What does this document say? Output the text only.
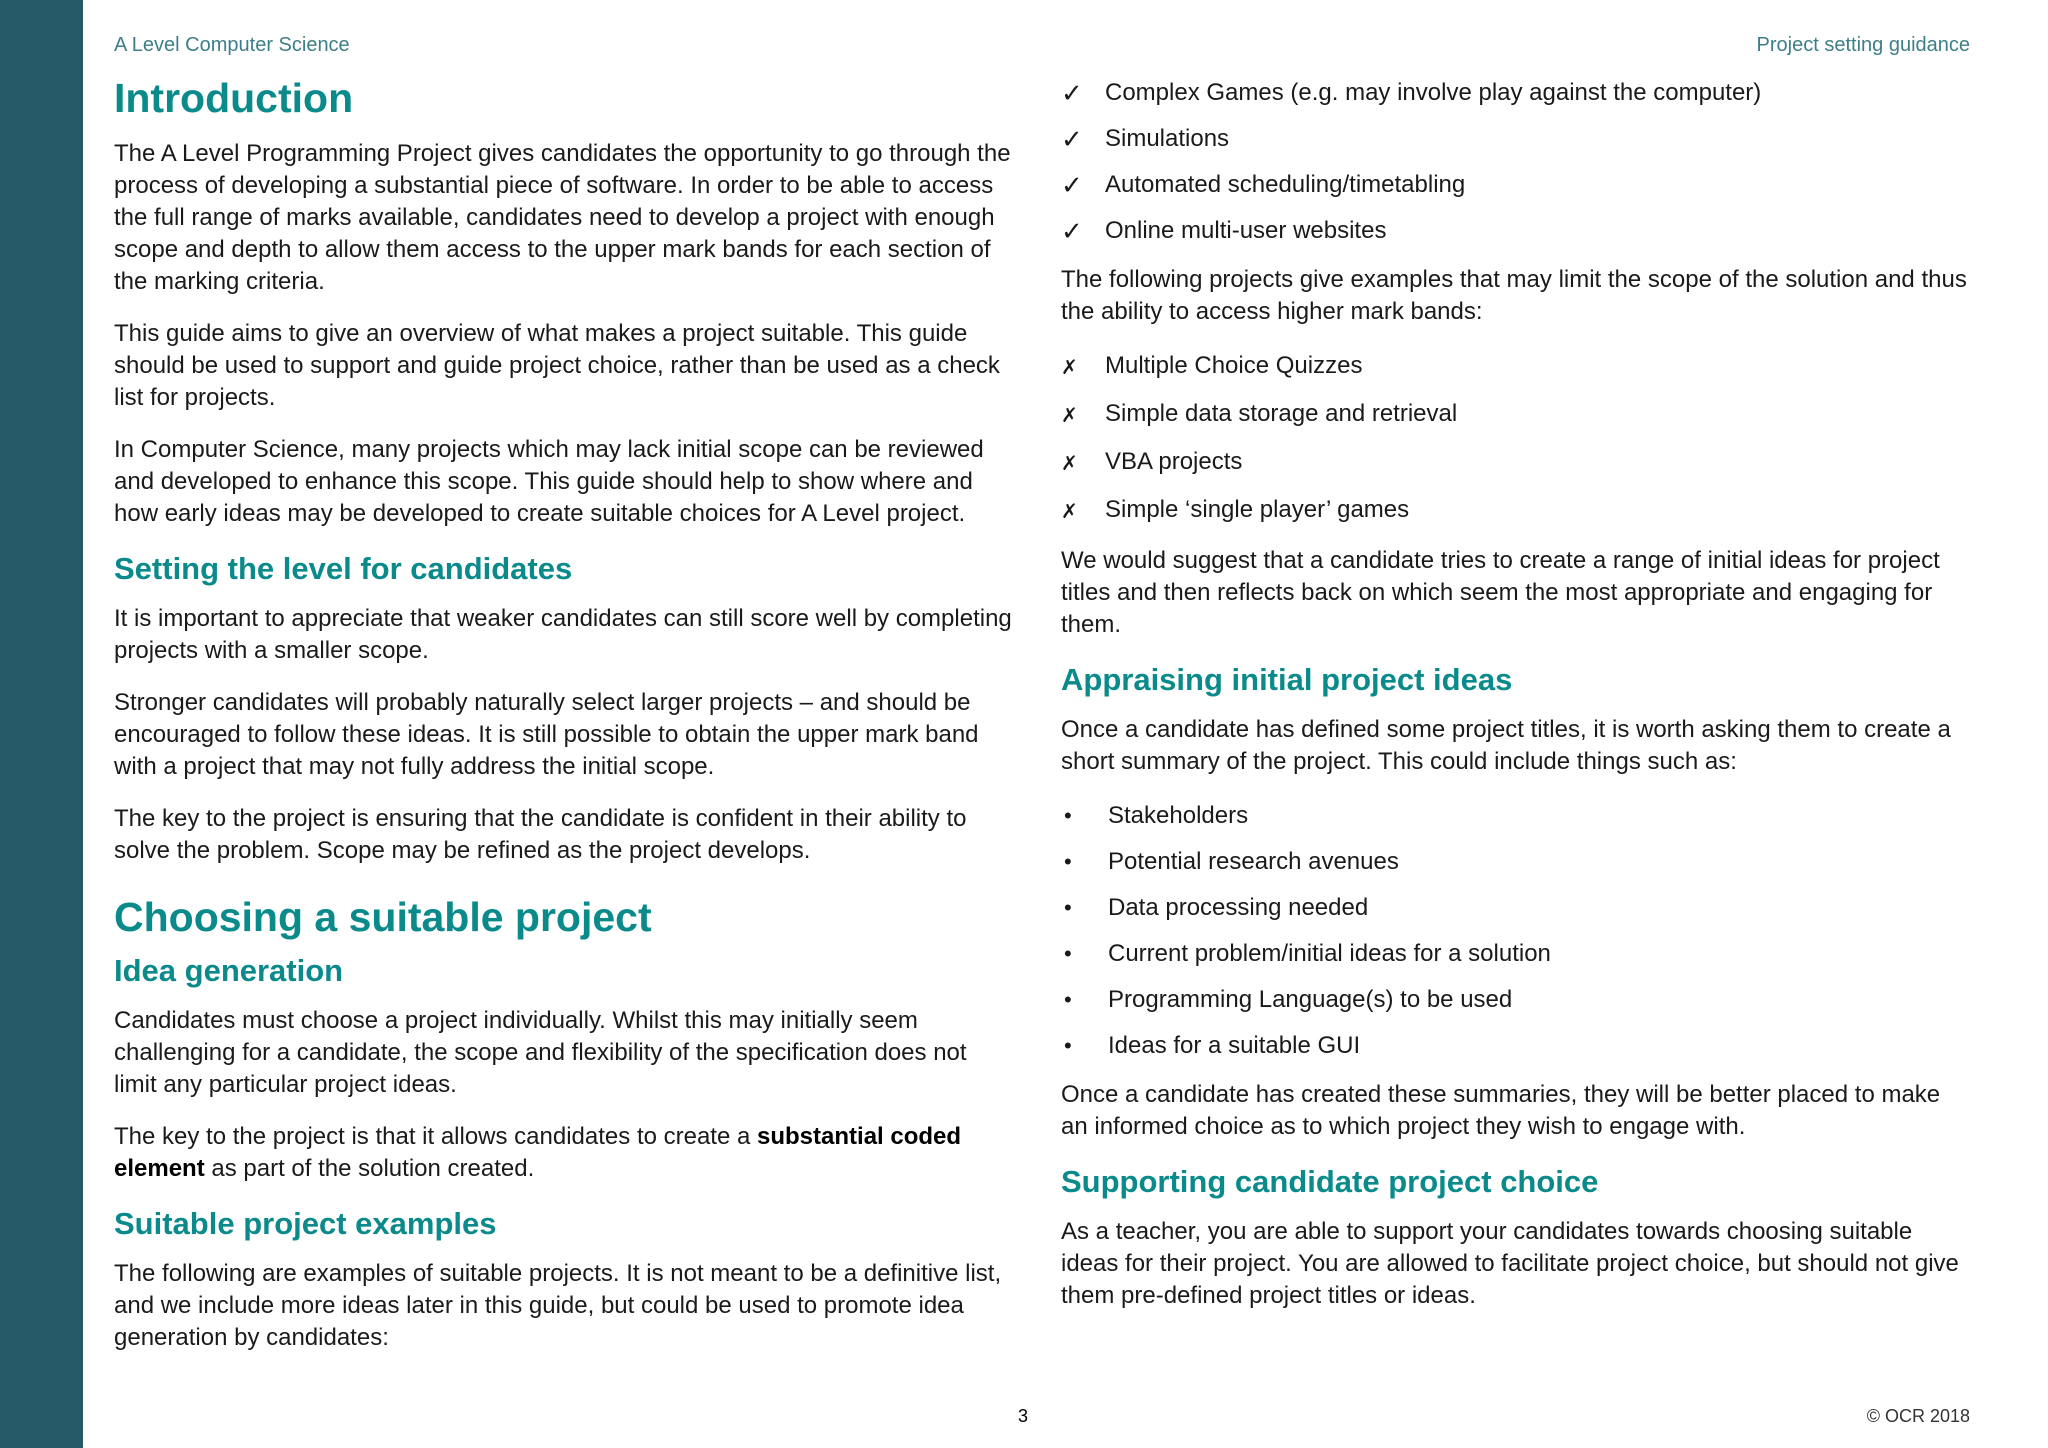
A Level Computer Science	Project setting guidance
Introduction

The A Level Programming Project gives candidates the opportunity to go through the process of developing a substantial piece of software. In order to be able to access the full range of marks available, candidates need to develop a project with enough scope and depth to allow them access to the upper mark bands for each section of the marking criteria.

This guide aims to give an overview of what makes a project suitable. This guide should be used to support and guide project choice, rather than be used as a check list for projects.

In Computer Science, many projects which may lack initial scope can be reviewed and developed to enhance this scope. This guide should help to show where and how early ideas may be developed to create suitable choices for A Level project.

Setting the level for candidates

It is important to appreciate that weaker candidates can still score well by completing projects with a smaller scope.

Stronger candidates will probably naturally select larger projects – and should be encouraged to follow these ideas. It is still possible to obtain the upper mark band with a project that may not fully address the initial scope.

The key to the project is ensuring that the candidate is confident in their ability to solve the problem. Scope may be refined as the project develops.

Choosing a suitable project
Idea generation

Candidates must choose a project individually. Whilst this may initially seem challenging for a candidate, the scope and flexibility of the specification does not limit any particular project ideas.

The key to the project is that it allows candidates to create a substantial coded element as part of the solution created.

Suitable project examples

The following are examples of suitable projects. It is not meant to be a definitive list, and we include more ideas later in this guide, but could be used to promote idea generation by candidates:

✓ Complex Games (e.g. may involve play against the computer)
✓ Simulations
✓ Automated scheduling/timetabling
✓ Online multi-user websites

The following projects give examples that may limit the scope of the solution and thus the ability to access higher mark bands:

✗	Multiple Choice Quizzes
✗	Simple data storage and retrieval
✗	VBA projects
✗	Simple ‘single player’ games

We would suggest that a candidate tries to create a range of initial ideas for project titles and then reflects back on which seem the most appropriate and engaging for them.

Appraising initial project ideas

Once a candidate has defined some project titles, it is worth asking them to create a short summary of the project. This could include things such as:

•	Stakeholders
•	Potential research avenues
•	Data processing needed
•	Current problem/initial ideas for a solution
•	Programming Language(s) to be used
•	Ideas for a suitable GUI

Once a candidate has created these summaries, they will be better placed to make an informed choice as to which project they wish to engage with.

Supporting candidate project choice

As a teacher, you are able to support your candidates towards choosing suitable ideas for their project. You are allowed to facilitate project choice, but should not give them pre-defined project titles or ideas.

3	© OCR 2018
